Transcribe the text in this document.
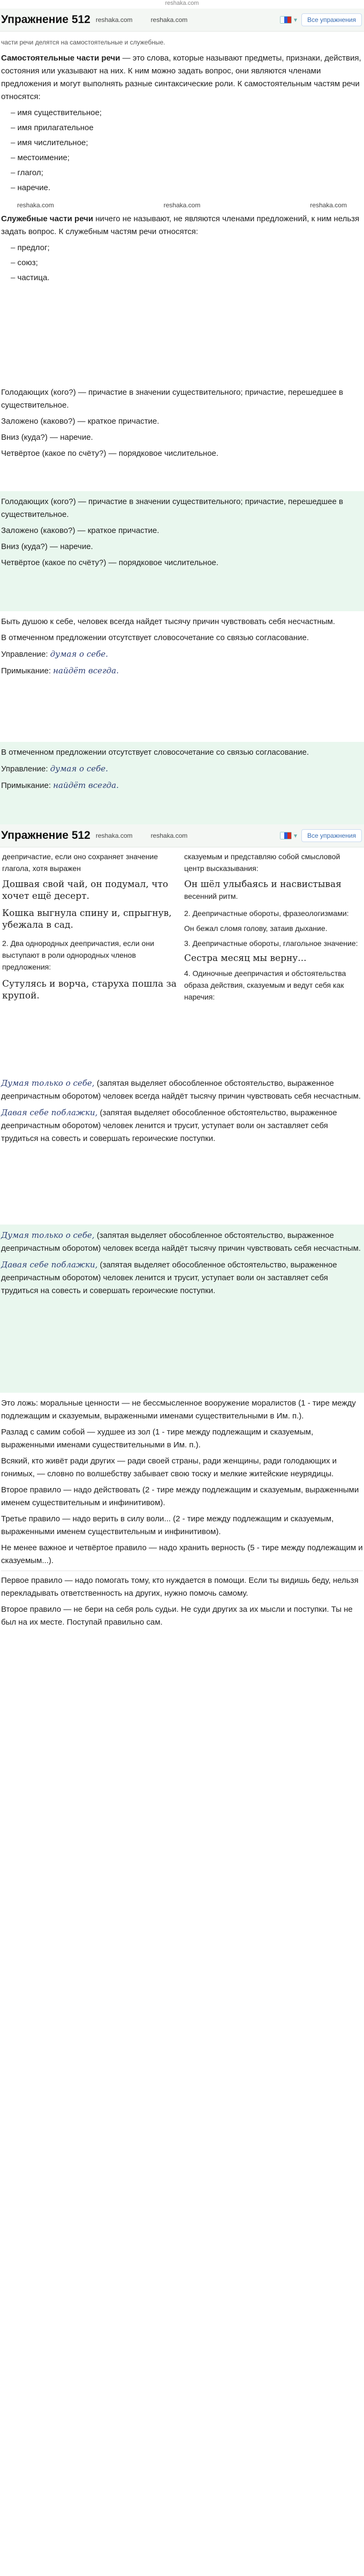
reshaka.com
Упражнение 512 reshaka.com	reshaka.com	▾	Все упражнения

части речи делятся на самостоятельные и служебные.

Самостоятельные части речи — это слова, которые называют предметы, признаки, действия, состояния или указывают на них. К ним можно задать вопрос, они являются членами предложения и могут выполнять разные синтаксические роли. К самостоятельным частям речи относятся:

– имя существительное;
– имя прилагательное
– имя числительное;
– местоимение;
– глагол;
– наречие.
reshaka.com	reshaka.com	reshaka.com

Служебные части речи ничего не называют, не являются членами предложений, к ним нельзя задать вопрос. К служебным частям речи относятся:

– предлог;
– союз;
– частица.

Голодающих (кого?) — причастие в значении существительного; причастие, перешедшее в существительное.

Заложено (каково?) — краткое причастие.

Вниз (куда?) — наречие.

Четвёртое (какое по счёту?) — порядковое числительное.

Голодающих (кого?) — причастие в значении существительного; причастие, перешедшее в существительное.

Заложено (каково?) — краткое причастие.

Вниз (куда?) — наречие.

Четвёртое (какое по счёту?) — порядковое числительное.

Быть душою к себе, человек всегда найдет тысячу причин чувствовать себя несчастным.

В отмеченном предложении отсутствует словосочетание со связью согласование.

Управление: думая о себе.

Примыкание: найдёт всегда.

В отмеченном предложении отсутствует словосочетание со связью согласование.

Управление: думая о себе.

Примыкание: найдёт всегда.

Упражнение 512 reshaka.com	reshaka.com	▾	Все упражнения

деепричастие, если оно сохраняет значение глагола, хотя выражен

Дошвая свой чай, он подумал, что

хочет ещё десерт.

Кошка выгнула спину и, спрыгнув,

убежала в сад.

2. Два однородных деепричастия, если они выступают в роли однородных членов предложения:

Сутулясь и ворча, старуха пошла за крупой.

сказуемым и представляю собой смысловой центр высказывания:

Он шёл улыбаясь и насвистывая

весенний ритм.

2. Деепричастные обороты, фразеологизмами:

Он бежал сломя голову, затаив дыхание.

3. Деепричастные обороты, глагольное значение:

Сестра месяц мы верну...

4. Одиночные деепричастия и обстоятельства образа действия, сказуемым и ведут себя как наречия:

Думая только о себе, (запятая выделяет обособленное обстоятельство, выраженное деепричастным оборотом) человек всегда найдёт тысячу причин чувствовать себя несчастным.

Давая себе поблажки, (запятая выделяет обособленное обстоятельство, выраженное деепричастным оборотом) человек ленится и трусит, уступает воли он заставляет себя трудиться на совесть и совершать героические поступки.

Думая только о себе, (запятая выделяет обособленное обстоятельство, выраженное деепричастным оборотом) человек всегда найдёт тысячу причин чувствовать себя несчастным.

Давая себе поблажки, (запятая выделяет обособленное обстоятельство, выраженное деепричастным оборотом) человек ленится и трусит, уступает воли он заставляет себя трудиться на совесть и совершать героические поступки.

Это ложь: моральные ценности — не бессмысленное вооружение моралистов (1 - тире между подлежащим и сказуемым, выраженными именами существительными в Им. п.).

Разлад с самим собой — худшее из зол (1 - тире между подлежащим и сказуемым, выраженными именами существительными в Им. п.).

Всякий, кто живёт ради других — ради своей страны, ради женщины, ради голодающих и гонимых, — словно по волшебству забывает свою тоску и мелкие житейские неурядицы.

Второе правило — надо действовать (2 - тире между подлежащим и сказуемым, выраженными именем существительным и инфинитивом).

Третье правило — надо верить в силу воли... (2 - тире между подлежащим и сказуемым, выраженными именем существительным и инфинитивом).

Не менее важное и четвёртое правило — надо хранить верность (5 - тире между подлежащим и сказуемым...).

Первое правило — надо помогать тому, кто нуждается в помощи. Если ты видишь беду, нельзя перекладывать ответственность на других, нужно помочь самому.

Второе правило — не бери на себя роль судьи. Не суди других за их мысли и поступки. Ты не был на их месте. Поступай правильно сам.
